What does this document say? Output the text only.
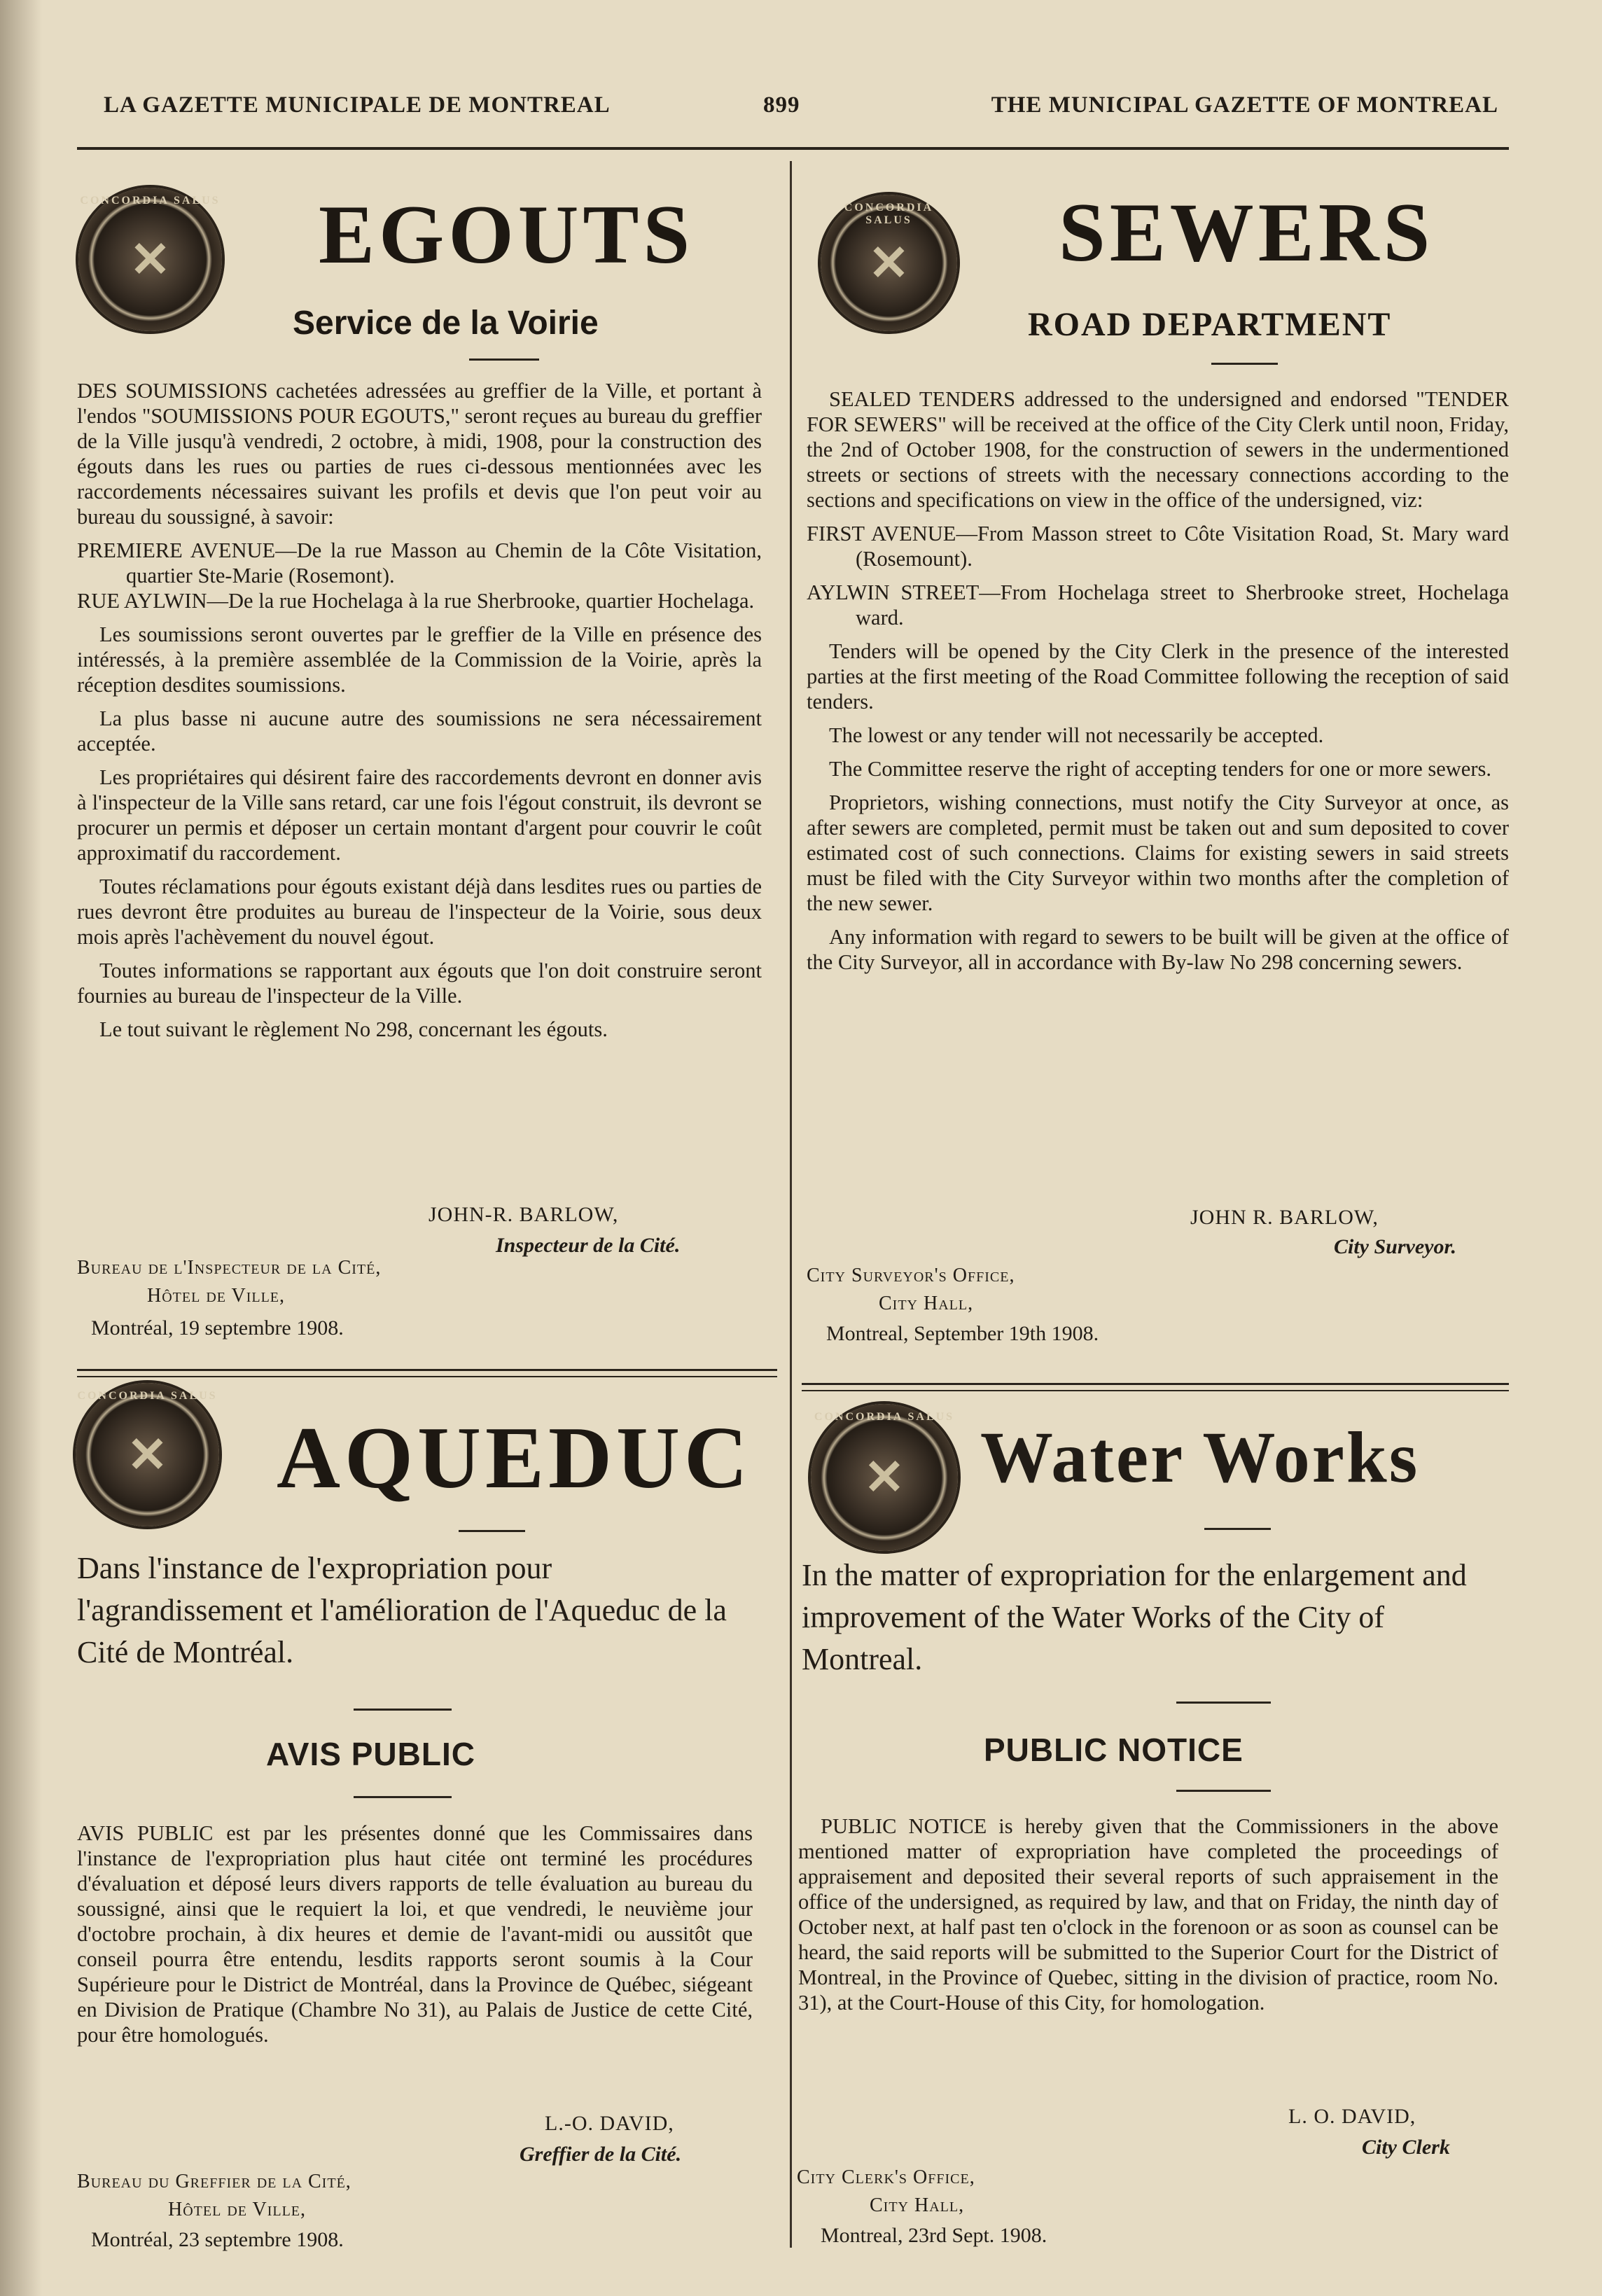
LA GAZETTE MUNICIPALE DE MONTREAL	899	THE MUNICIPAL GAZETTE OF MONTREAL
CONCORDIA SALUS
✕ EGOUTS
Service de la Voirie

DES SOUMISSIONS cachetées adressées au greffier de la Ville, et portant à l'endos "SOUMISSIONS POUR EGOUTS," seront reçues au bureau du greffier de la Ville jusqu'à vendredi, 2 octobre, à midi, 1908, pour la construction des égouts dans les rues ou parties de rues ci-dessous mentionnées avec les raccordements nécessaires suivant les profils et devis que l'on peut voir au bureau du soussigné, à savoir:

PREMIERE AVENUE—De la rue Masson au Chemin de la Côte Visitation, quartier Ste-Marie (Rosemont).

RUE AYLWIN—De la rue Hochelaga à la rue Sherbrooke, quartier Hochelaga.

Les soumissions seront ouvertes par le greffier de la Ville en présence des intéressés, à la première assemblée de la Commission de la Voirie, après la réception desdites soumissions.

La plus basse ni aucune autre des soumissions ne sera nécessairement acceptée.

Les propriétaires qui désirent faire des raccordements devront en donner avis à l'inspecteur de la Ville sans retard, car une fois l'égout construit, ils devront se procurer un permis et déposer un certain montant d'argent pour couvrir le coût approximatif du raccordement.

Toutes réclamations pour égouts existant déjà dans lesdites rues ou parties de rues devront être produites au bureau de l'inspecteur de la Voirie, sous deux mois après l'achèvement du nouvel égout.

Toutes informations se rapportant aux égouts que l'on doit construire seront fournies au bureau de l'inspecteur de la Ville.

Le tout suivant le règlement No 298, concernant les égouts.

JOHN-R. BARLOW,
Inspecteur de la Cité.
Bureau de l'Inspecteur de la Cité,
Hôtel de Ville,
Montréal, 19 septembre 1908.
CONCORDIA SALUS
✕ SEWERS
ROAD DEPARTMENT

SEALED TENDERS addressed to the undersigned and endorsed "TENDER FOR SEWERS" will be received at the office of the City Clerk until noon, Friday, the 2nd of October 1908, for the construction of sewers in the undermentioned streets or sections of streets with the necessary connections according to the sections and specifications on view in the office of the undersigned, viz:

FIRST AVENUE—From Masson street to Côte Visitation Road, St. Mary ward (Rosemount).

AYLWIN STREET—From Hochelaga street to Sherbrooke street, Hochelaga ward.

Tenders will be opened by the City Clerk in the presence of the interested parties at the first meeting of the Road Committee following the reception of said tenders.

The lowest or any tender will not necessarily be accepted.

The Committee reserve the right of accepting tenders for one or more sewers.

Proprietors, wishing connections, must notify the City Surveyor at once, as after sewers are completed, permit must be taken out and sum deposited to cover estimated cost of such connections. Claims for existing sewers in said streets must be filed with the City Surveyor within two months after the completion of the new sewer.

Any information with regard to sewers to be built will be given at the office of the City Surveyor, all in accordance with By-law No 298 concerning sewers.

JOHN R. BARLOW,
City Surveyor.
City Surveyor's Office,
City Hall,
Montreal, September 19th 1908.
CONCORDIA SALUS
✕ AQUEDUC
Dans l'instance de l'expropriation pour l'agrandissement et l'amélioration de l'Aqueduc de la Cité de Montréal.
AVIS PUBLIC

AVIS PUBLIC est par les présentes donné que les Commissaires dans l'instance de l'expropriation plus haut citée ont terminé les procédures d'évaluation et déposé leurs divers rapports de telle évaluation au bureau du soussigné, ainsi que le requiert la loi, et que vendredi, le neuvième jour d'octobre prochain, à dix heures et demie de l'avant-midi ou aussitôt que conseil pourra être entendu, lesdits rapports seront soumis à la Cour Supérieure pour le District de Montréal, dans la Province de Québec, siégeant en Division de Pratique (Chambre No 31), au Palais de Justice de cette Cité, pour être homologués.

L.-O. DAVID,
Greffier de la Cité.
Bureau du Greffier de la Cité,
Hôtel de Ville,
Montréal, 23 septembre 1908.
CONCORDIA SALUS
✕ Water Works
In the matter of expropriation for the enlargement and improvement of the Water Works of the City of Montreal.
PUBLIC NOTICE

PUBLIC NOTICE is hereby given that the Commissioners in the above mentioned matter of expropriation have completed the proceedings of appraisement and deposited their several reports of such appraisement in the office of the undersigned, as required by law, and that on Friday, the ninth day of October next, at half past ten o'clock in the forenoon or as soon as counsel can be heard, the said reports will be submitted to the Superior Court for the District of Montreal, in the Province of Quebec, sitting in the division of practice, room No. 31), at the Court-House of this City, for homologation.

L. O. DAVID,
City Clerk
City Clerk's Office,
City Hall,
Montreal, 23rd Sept. 1908.
